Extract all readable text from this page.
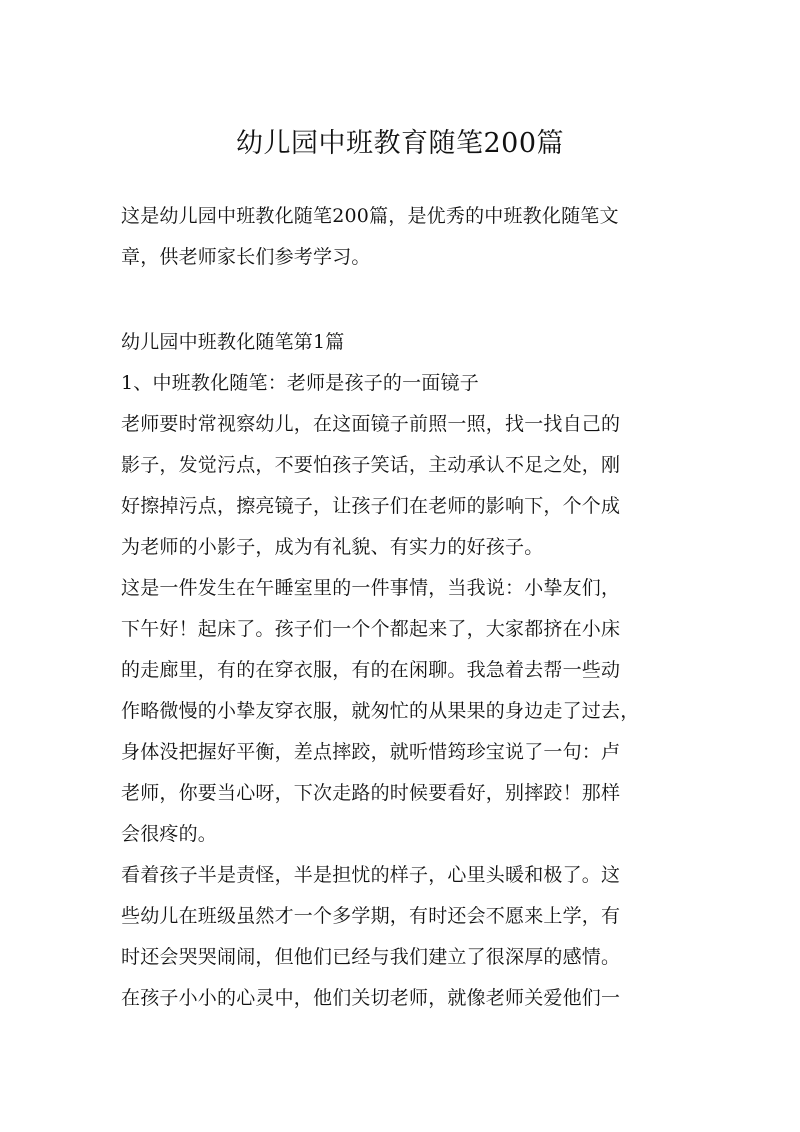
幼儿园中班教育随笔200篇
这是幼儿园中班教化随笔200篇，是优秀的中班教化随笔文
章，供老师家长们参考学习。
幼儿园中班教化随笔第1篇
1、中班教化随笔：老师是孩子的一面镜子
老师要时常视察幼儿，在这面镜子前照一照，找一找自己的
影子，发觉污点，不要怕孩子笑话，主动承认不足之处，刚
好擦掉污点，擦亮镜子，让孩子们在老师的影响下，个个成
为老师的小影子，成为有礼貌、有实力的好孩子。
这是一件发生在午睡室里的一件事情，当我说：小挚友们，
下午好！起床了。孩子们一个个都起来了，大家都挤在小床
的走廊里，有的在穿衣服，有的在闲聊。我急着去帮一些动
作略微慢的小挚友穿衣服，就匆忙的从果果的身边走了过去，
身体没把握好平衡，差点摔跤，就听惜筠珍宝说了一句：卢
老师，你要当心呀，下次走路的时候要看好，别摔跤！那样
会很疼的。
看着孩子半是责怪，半是担忧的样子，心里头暖和极了。这
些幼儿在班级虽然才一个多学期，有时还会不愿来上学，有
时还会哭哭闹闹，但他们已经与我们建立了很深厚的感情。
在孩子小小的心灵中，他们关切老师，就像老师关爱他们一
